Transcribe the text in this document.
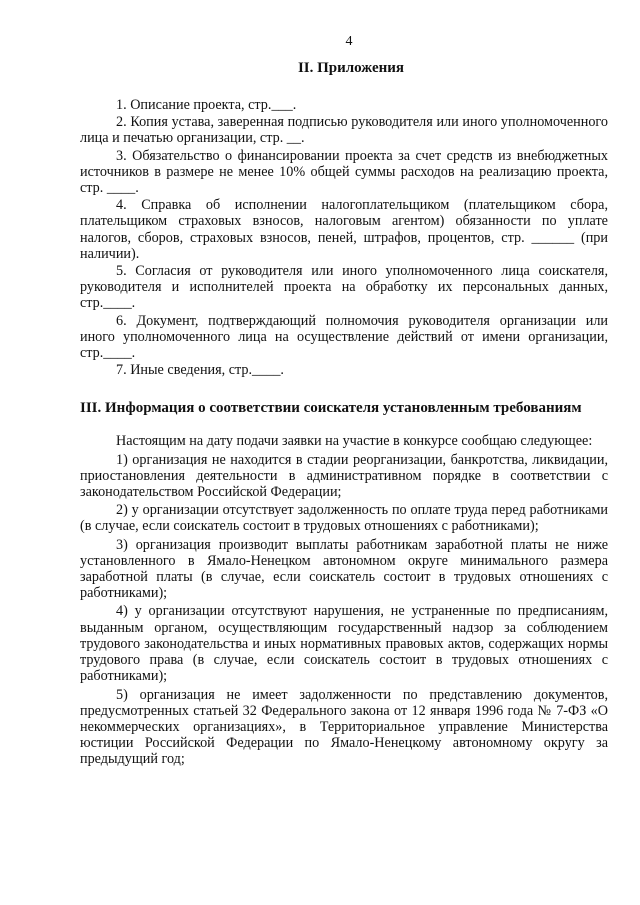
4
II. Приложения

1. Описание проекта, стр.___.

2. Копия устава, заверенная подписью руководителя или иного уполномоченного лица и печатью организации, стр. __.

3. Обязательство о финансировании проекта за счет средств из внебюджетных источников в размере не менее 10% общей суммы расходов на реализацию проекта, стр. ____.

4. Справка об исполнении налогоплательщиком (плательщиком сбора, плательщиком страховых взносов, налоговым агентом) обязанности по уплате налогов, сборов, страховых взносов, пеней, штрафов, процентов, стр. ______ (при наличии).

5. Согласия от руководителя или иного уполномоченного лица соискателя, руководителя и исполнителей проекта на обработку их персональных данных, стр.____.

6. Документ, подтверждающий полномочия руководителя организации или иного уполномоченного лица на осуществление действий от имени организации, стр.____.

7. Иные сведения, стр.____.

III. Информация о соответствии соискателя установленным требованиям

Настоящим на дату подачи заявки на участие в конкурсе сообщаю следующее:

1) организация не находится в стадии реорганизации, банкротства, ликвидации, приостановления деятельности в административном порядке в соответствии с законодательством Российской Федерации;

2) у организации отсутствует задолженность по оплате труда перед работниками (в случае, если соискатель состоит в трудовых отношениях с работниками);

3) организация производит выплаты работникам заработной платы не ниже установленного в Ямало-Ненецком автономном округе минимального размера заработной платы (в случае, если соискатель состоит в трудовых отношениях с работниками);

4) у организации отсутствуют нарушения, не устраненные по предписаниям, выданным органом, осуществляющим государственный надзор за соблюдением трудового законодательства и иных нормативных правовых актов, содержащих нормы трудового права (в случае, если соискатель состоит в трудовых отношениях с работниками);

5) организация не имеет задолженности по представлению документов, предусмотренных статьей 32 Федерального закона от 12 января 1996 года № 7-ФЗ «О некоммерческих организациях», в Территориальное управление Министерства юстиции Российской Федерации по Ямало-Ненецкому автономному округу за предыдущий год;
